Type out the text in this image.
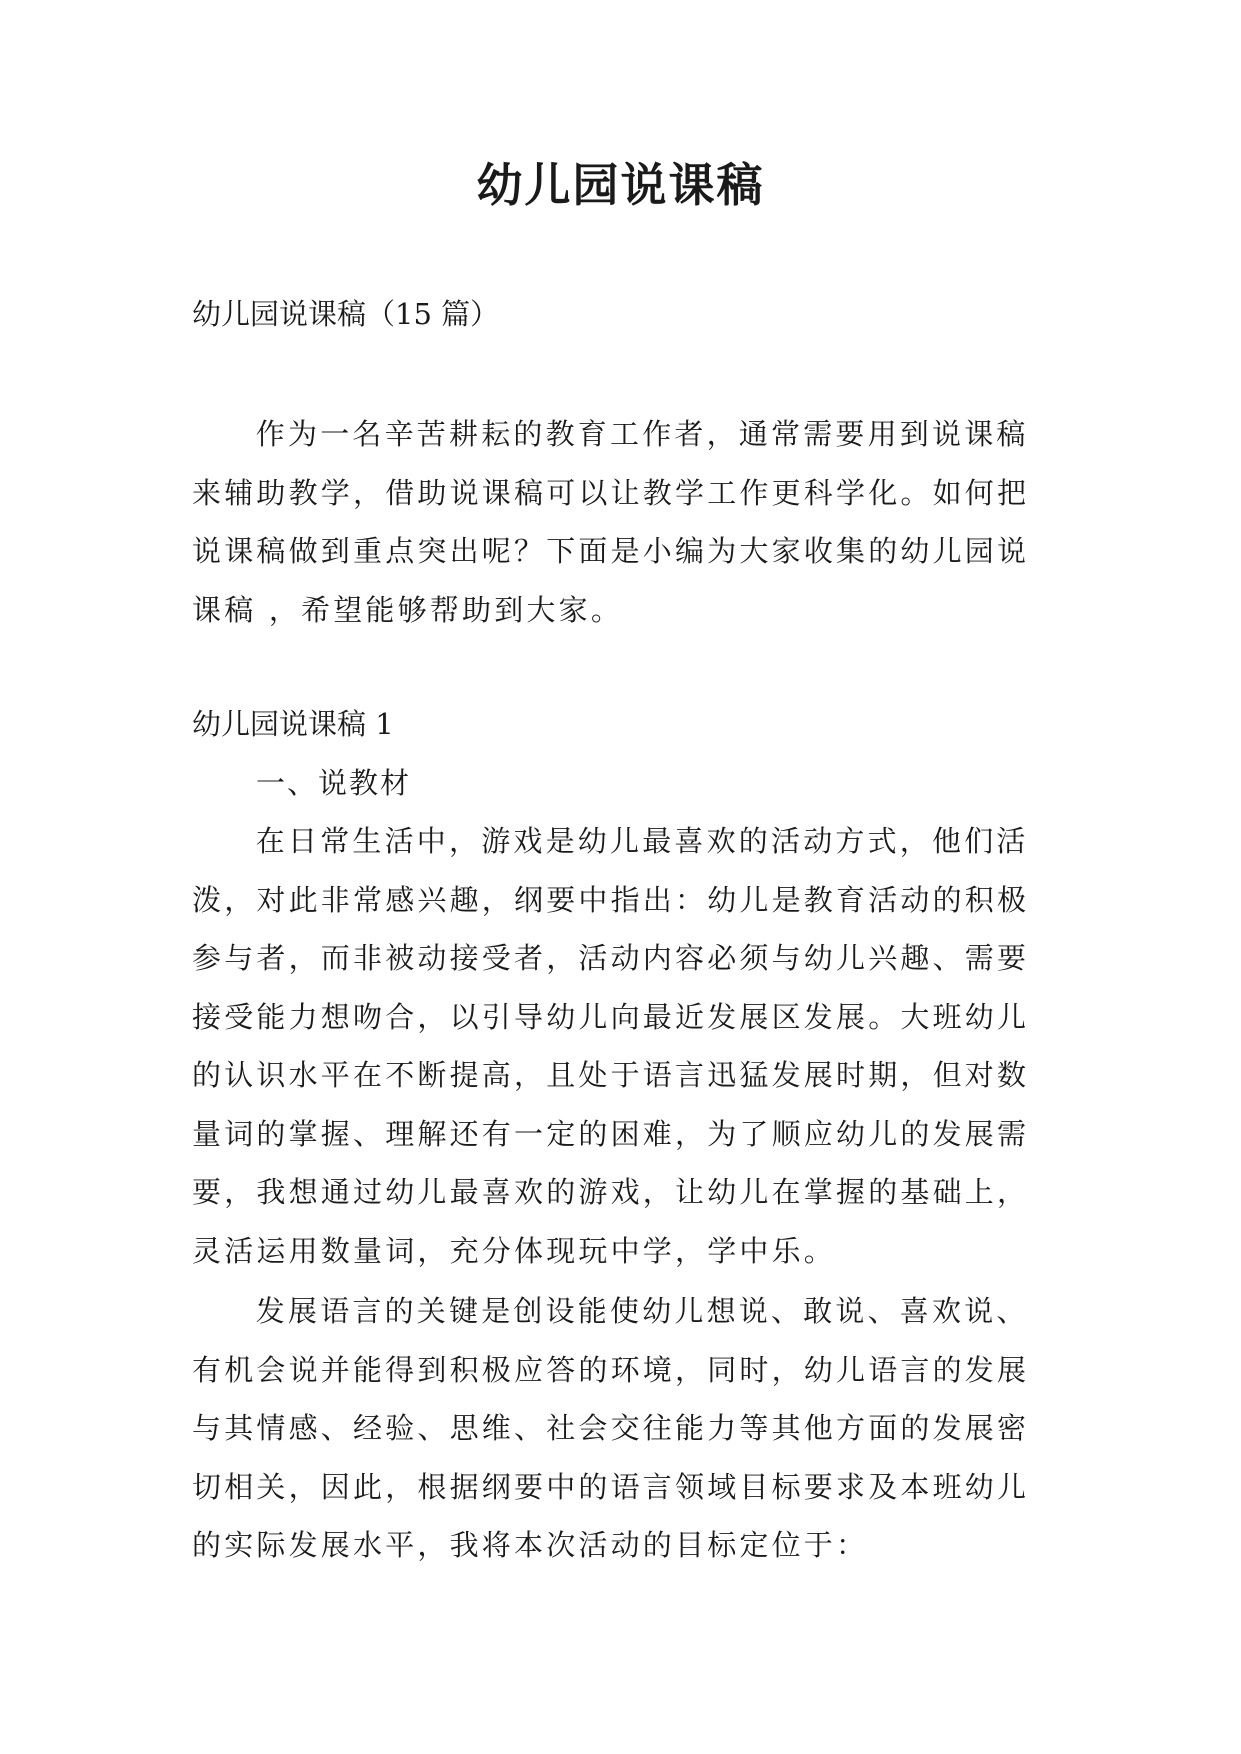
幼儿园说课稿

幼儿园说课稿（15 篇）

作为一名辛苦耕耘的教育工作者，通常需要用到说课稿来辅助教学，借助说课稿可以让教学工作更科学化。如何把说课稿做到重点突出呢？下面是小编为大家收集的幼儿园说课稿 ，希望能够帮助到大家。

幼儿园说课稿 1

一、说教材

在日常生活中，游戏是幼儿最喜欢的活动方式，他们活泼，对此非常感兴趣，纲要中指出：幼儿是教育活动的积极参与者，而非被动接受者，活动内容必须与幼儿兴趣、需要接受能力想吻合，以引导幼儿向最近发展区发展。大班幼儿的认识水平在不断提高，且处于语言迅猛发展时期，但对数量词的掌握、理解还有一定的困难，为了顺应幼儿的发展需要，我想通过幼儿最喜欢的游戏，让幼儿在掌握的基础上，灵活运用数量词，充分体现玩中学，学中乐。

发展语言的关键是创设能使幼儿想说、敢说、喜欢说、有机会说并能得到积极应答的环境，同时，幼儿语言的发展与其情感、经验、思维、社会交往能力等其他方面的发展密切相关，因此，根据纲要中的语言领域目标要求及本班幼儿的实际发展水平，我将本次活动的目标定位于：
